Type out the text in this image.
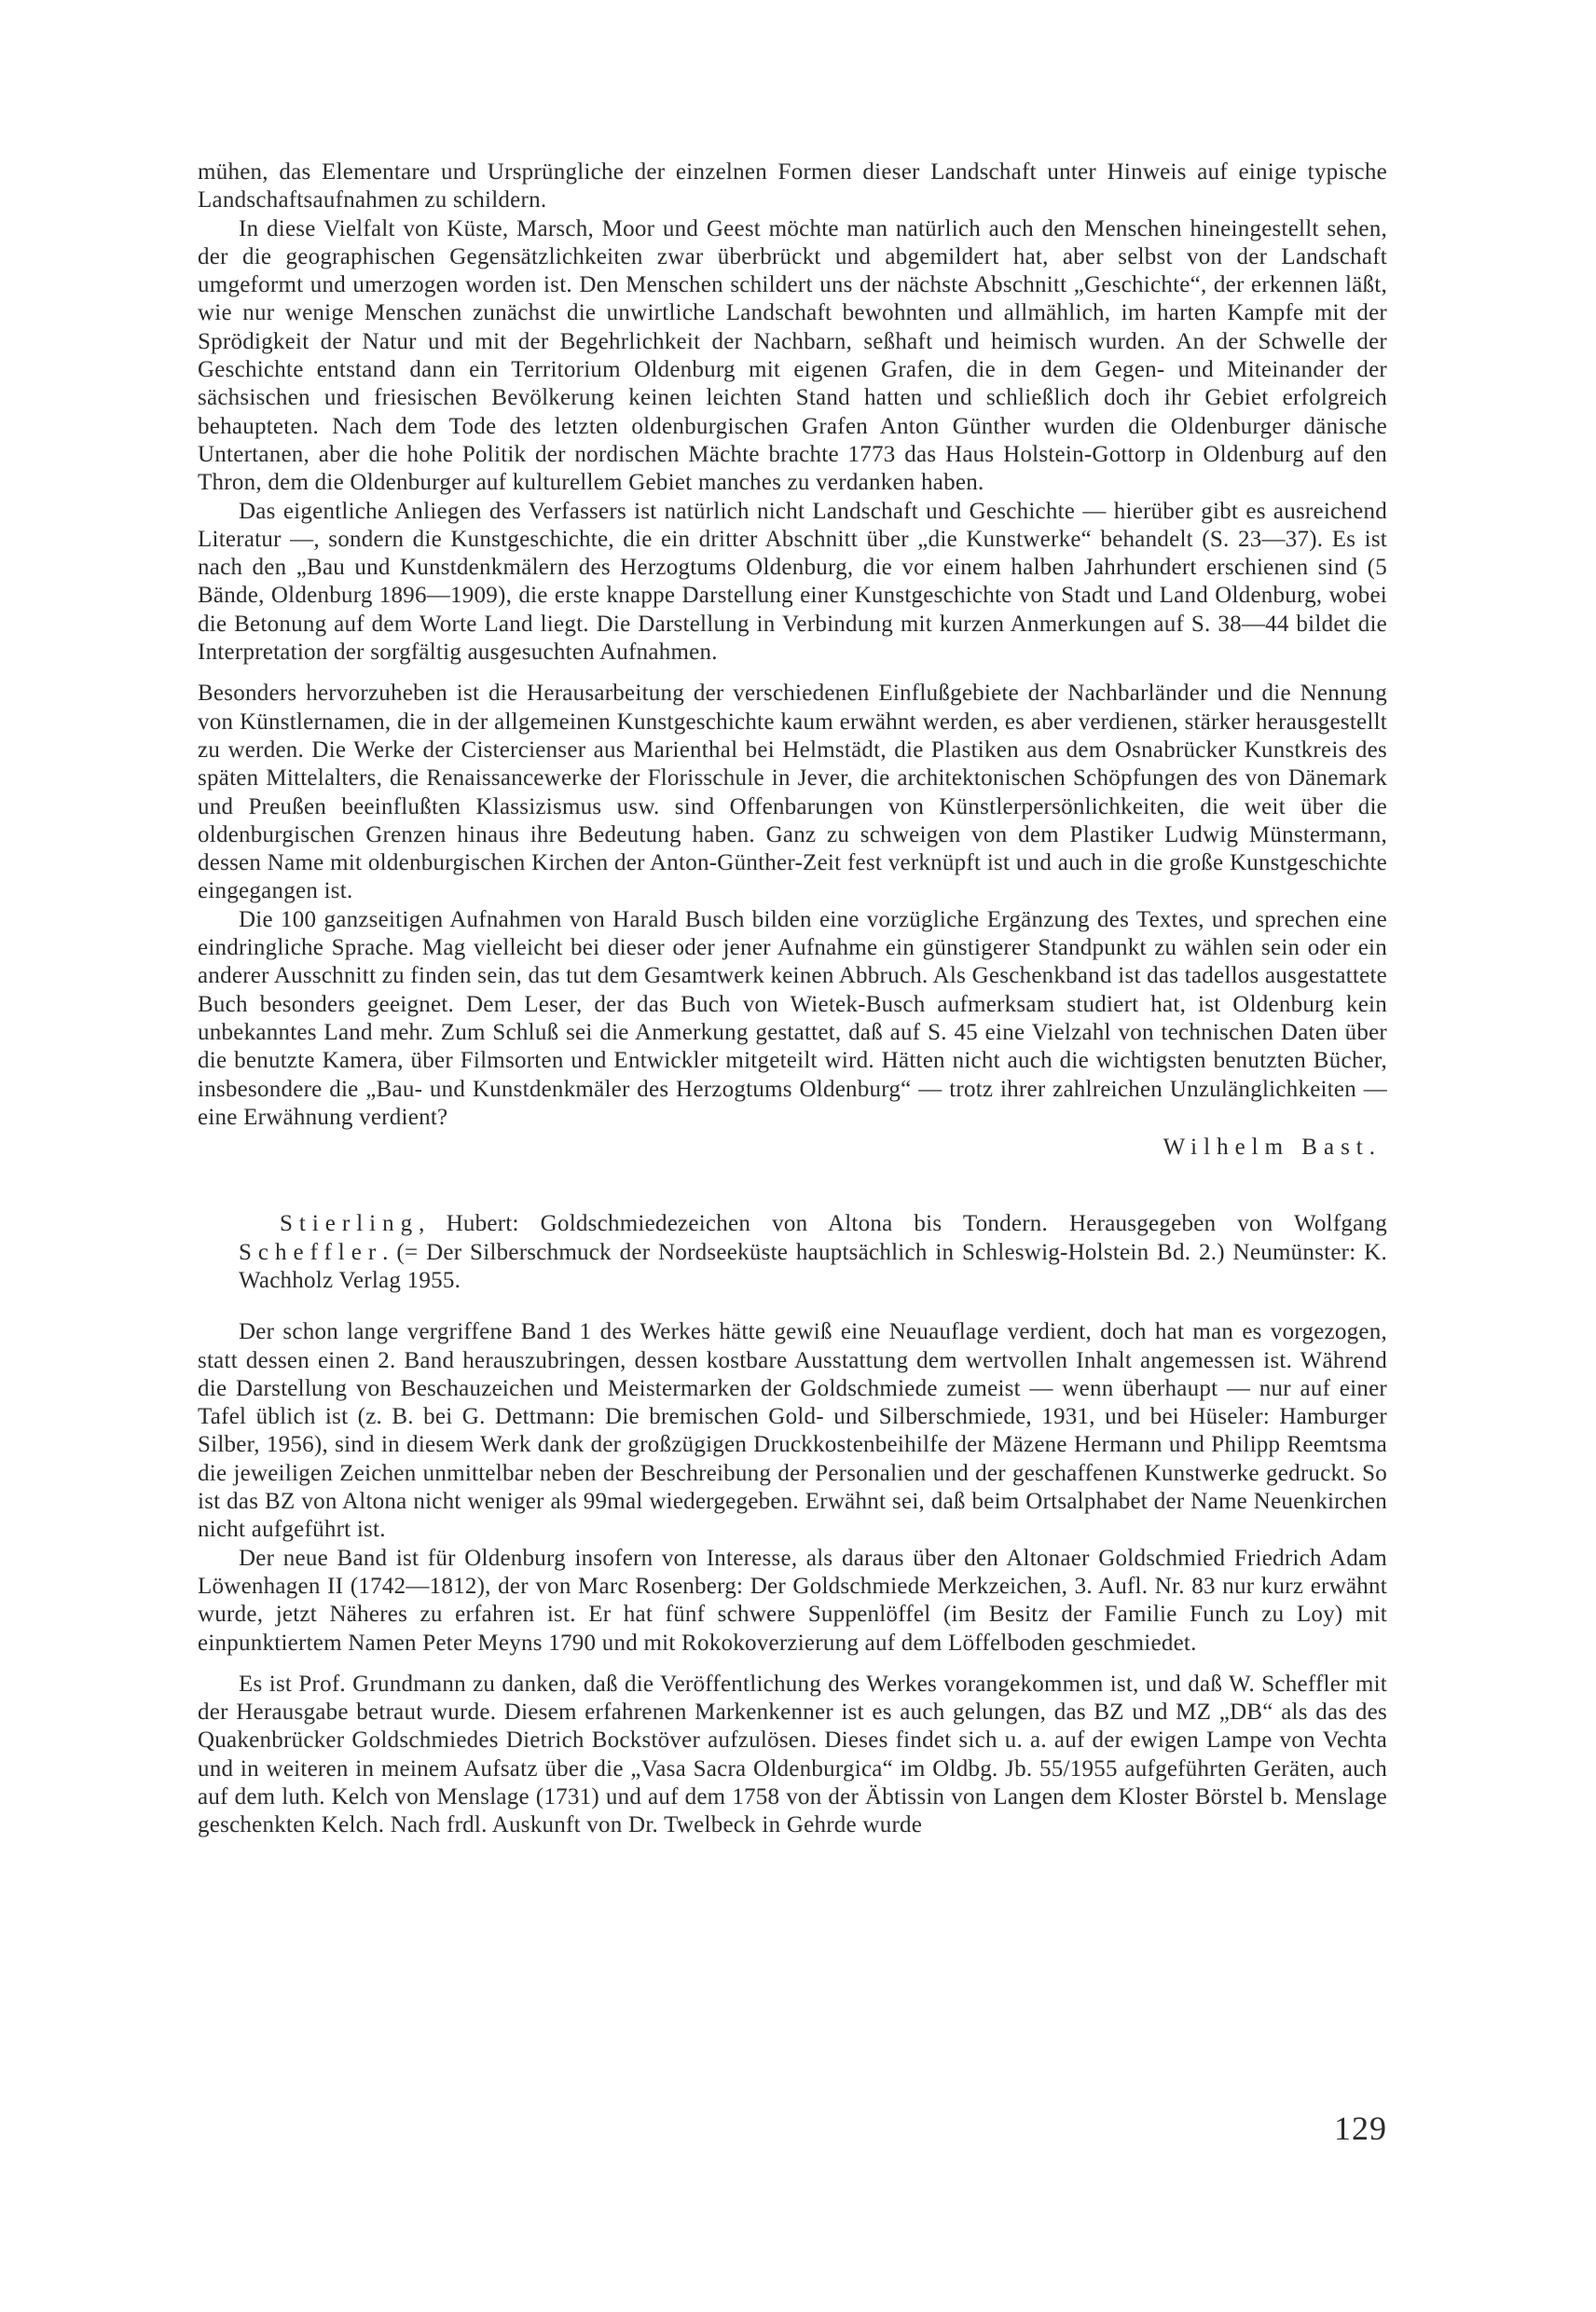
mühen, das Elementare und Ursprüngliche der einzelnen Formen dieser Landschaft unter Hinweis auf einige typische Landschaftsaufnahmen zu schildern.

In diese Vielfalt von Küste, Marsch, Moor und Geest möchte man natürlich auch den Menschen hineingestellt sehen, der die geographischen Gegensätzlichkeiten zwar überbrückt und abgemildert hat, aber selbst von der Landschaft umgeformt und umerzogen worden ist. Den Menschen schildert uns der nächste Abschnitt „Geschichte“, der erkennen läßt, wie nur wenige Menschen zunächst die unwirtliche Landschaft bewohnten und allmählich, im harten Kampfe mit der Sprödigkeit der Natur und mit der Begehrlichkeit der Nachbarn, seßhaft und heimisch wurden. An der Schwelle der Geschichte entstand dann ein Territorium Oldenburg mit eigenen Grafen, die in dem Gegen- und Miteinander der sächsischen und friesischen Bevölkerung keinen leichten Stand hatten und schließlich doch ihr Gebiet erfolgreich behaupteten. Nach dem Tode des letzten oldenburgischen Grafen Anton Günther wurden die Oldenburger dänische Untertanen, aber die hohe Politik der nordischen Mächte brachte 1773 das Haus Holstein-Gottorp in Oldenburg auf den Thron, dem die Oldenburger auf kulturellem Gebiet manches zu verdanken haben.

Das eigentliche Anliegen des Verfassers ist natürlich nicht Landschaft und Geschichte — hierüber gibt es ausreichend Literatur —, sondern die Kunstgeschichte, die ein dritter Abschnitt über „die Kunstwerke“ behandelt (S. 23—37). Es ist nach den „Bau und Kunstdenkmälern des Herzogtums Oldenburg, die vor einem halben Jahrhundert erschienen sind (5 Bände, Oldenburg 1896—1909), die erste knappe Darstellung einer Kunstgeschichte von Stadt und Land Oldenburg, wobei die Betonung auf dem Worte Land liegt. Die Darstellung in Verbindung mit kurzen Anmerkungen auf S. 38—44 bildet die Interpretation der sorgfältig ausgesuchten Aufnahmen.

Besonders hervorzuheben ist die Herausarbeitung der verschiedenen Einflußgebiete der Nachbarländer und die Nennung von Künstlernamen, die in der allgemeinen Kunstgeschichte kaum erwähnt werden, es aber verdienen, stärker herausgestellt zu werden. Die Werke der Cistercienser aus Marienthal bei Helmstädt, die Plastiken aus dem Osnabrücker Kunstkreis des späten Mittelalters, die Renaissancewerke der Florisschule in Jever, die architektonischen Schöpfungen des von Dänemark und Preußen beeinflußten Klassizismus usw. sind Offenbarungen von Künstlerpersönlichkeiten, die weit über die oldenburgischen Grenzen hinaus ihre Bedeutung haben. Ganz zu schweigen von dem Plastiker Ludwig Münstermann, dessen Name mit oldenburgischen Kirchen der Anton-Günther-Zeit fest verknüpft ist und auch in die große Kunstgeschichte eingegangen ist.

Die 100 ganzseitigen Aufnahmen von Harald Busch bilden eine vorzügliche Ergänzung des Textes, und sprechen eine eindringliche Sprache. Mag vielleicht bei dieser oder jener Aufnahme ein günstigerer Standpunkt zu wählen sein oder ein anderer Ausschnitt zu finden sein, das tut dem Gesamtwerk keinen Abbruch. Als Geschenkband ist das tadellos ausgestattete Buch besonders geeignet. Dem Leser, der das Buch von Wietek-Busch aufmerksam studiert hat, ist Oldenburg kein unbekanntes Land mehr. Zum Schluß sei die Anmerkung gestattet, daß auf S. 45 eine Vielzahl von technischen Daten über die benutzte Kamera, über Filmsorten und Entwickler mitgeteilt wird. Hätten nicht auch die wichtigsten benutzten Bücher, insbesondere die „Bau- und Kunstdenkmäler des Herzogtums Oldenburg“ — trotz ihrer zahlreichen Unzulänglichkeiten — eine Erwähnung verdient?

Wilhelm Bast.

Stierling, Hubert: Goldschmiedezeichen von Altona bis Tondern. Herausgegeben von Wolfgang Scheffler. (= Der Silberschmuck der Nordseeküste hauptsächlich in Schleswig-Holstein Bd. 2.) Neumünster: K. Wachholz Verlag 1955.

Der schon lange vergriffene Band 1 des Werkes hätte gewiß eine Neuauflage verdient, doch hat man es vorgezogen, statt dessen einen 2. Band herauszubringen, dessen kostbare Ausstattung dem wertvollen Inhalt angemessen ist. Während die Darstellung von Beschauzeichen und Meistermarken der Goldschmiede zumeist — wenn überhaupt — nur auf einer Tafel üblich ist (z. B. bei G. Dettmann: Die bremischen Gold- und Silberschmiede, 1931, und bei Hüseler: Hamburger Silber, 1956), sind in diesem Werk dank der großzügigen Druckkostenbeihilfe der Mäzene Hermann und Philipp Reemtsma die jeweiligen Zeichen unmittelbar neben der Beschreibung der Personalien und der geschaffenen Kunstwerke gedruckt. So ist das BZ von Altona nicht weniger als 99mal wiedergegeben. Erwähnt sei, daß beim Ortsalphabet der Name Neuenkirchen nicht aufgeführt ist.

Der neue Band ist für Oldenburg insofern von Interesse, als daraus über den Altonaer Goldschmied Friedrich Adam Löwenhagen II (1742—1812), der von Marc Rosenberg: Der Goldschmiede Merkzeichen, 3. Aufl. Nr. 83 nur kurz erwähnt wurde, jetzt Näheres zu erfahren ist. Er hat fünf schwere Suppenlöffel (im Besitz der Familie Funch zu Loy) mit einpunktiertem Namen Peter Meyns 1790 und mit Rokokoverzierung auf dem Löffelboden geschmiedet.

Es ist Prof. Grundmann zu danken, daß die Veröffentlichung des Werkes vorangekommen ist, und daß W. Scheffler mit der Herausgabe betraut wurde. Diesem erfahrenen Markenkenner ist es auch gelungen, das BZ und MZ „DB“ als das des Quakenbrücker Goldschmiedes Dietrich Bockstöver aufzulösen. Dieses findet sich u. a. auf der ewigen Lampe von Vechta und in weiteren in meinem Aufsatz über die „Vasa Sacra Oldenburgica“ im Oldbg. Jb. 55/1955 aufgeführten Geräten, auch auf dem luth. Kelch von Menslage (1731) und auf dem 1758 von der Äbtissin von Langen dem Kloster Börstel b. Menslage geschenkten Kelch. Nach frdl. Auskunft von Dr. Twelbeck in Gehrde wurde

129
